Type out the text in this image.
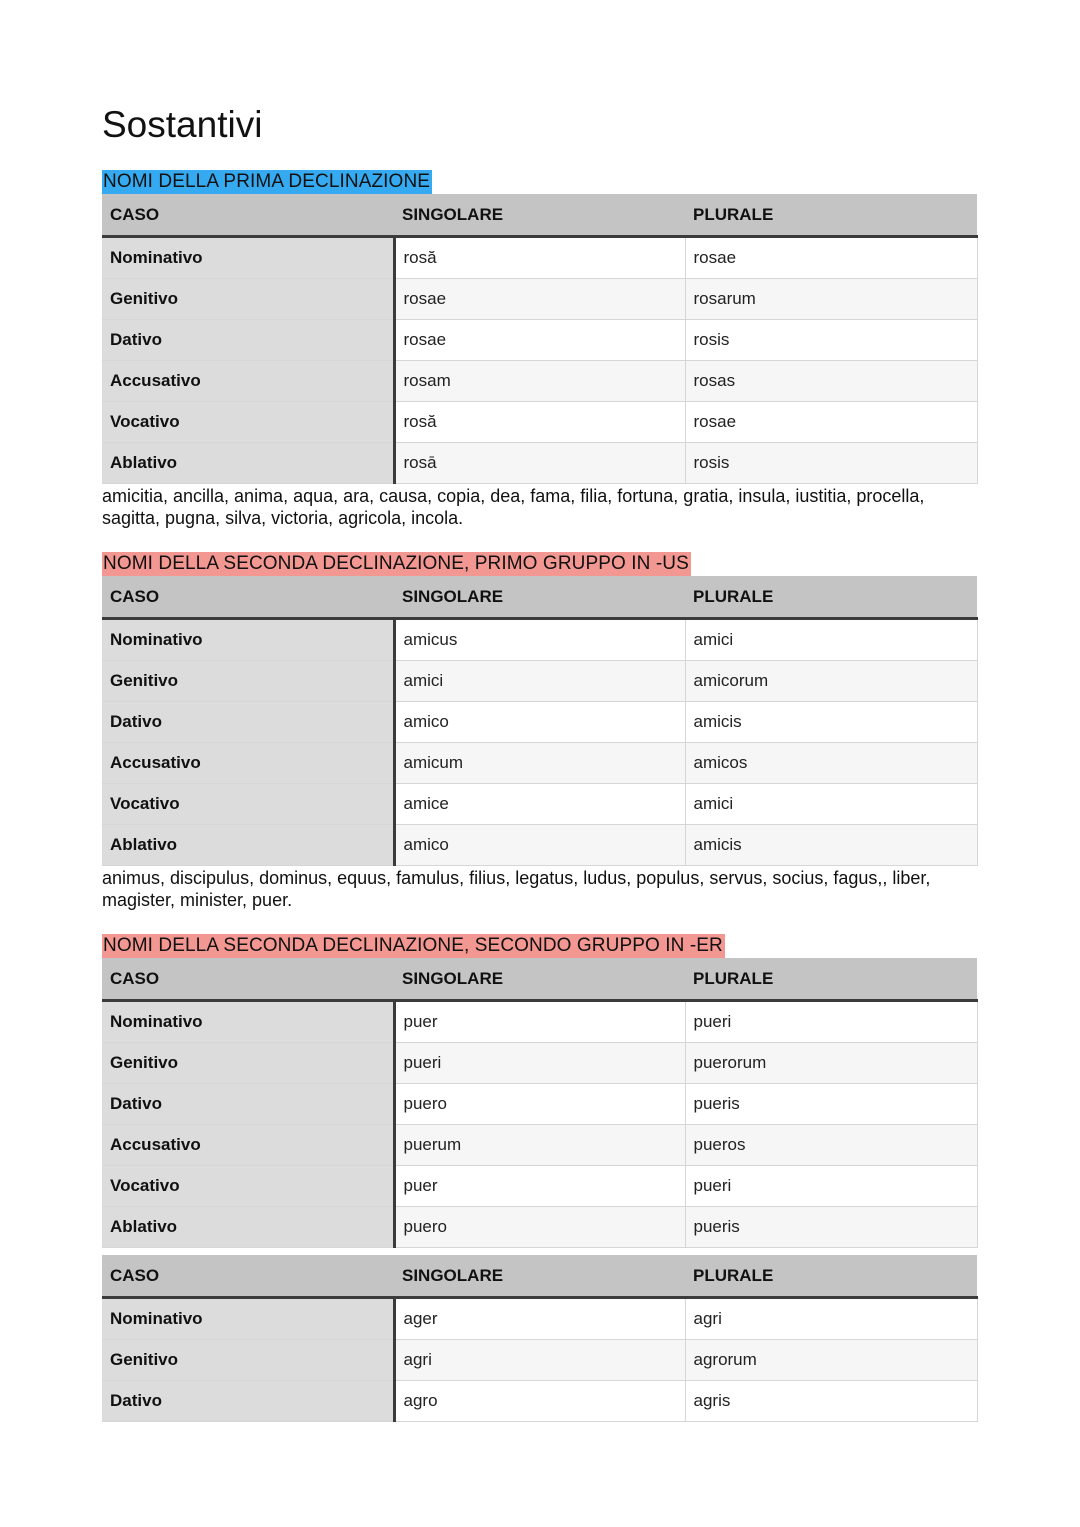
Sostantivi
NOMI DELLA PRIMA DECLINAZIONE
CASO	SINGOLARE	PLURALE
Nominativo	rosă	rosae
Genitivo	rosae	rosarum
Dativo	rosae	rosis
Accusativo	rosam	rosas
Vocativo	rosă	rosae
Ablativo	rosā	rosis

amicitia, ancilla, anima, aqua, ara, causa, copia, dea, fama, filia, fortuna, gratia, insula, iustitia, procella, sagitta, pugna, silva, victoria, agricola, incola.

NOMI DELLA SECONDA DECLINAZIONE, PRIMO GRUPPO IN -US
CASO	SINGOLARE	PLURALE
Nominativo	amicus	amici
Genitivo	amici	amicorum
Dativo	amico	amicis
Accusativo	amicum	amicos
Vocativo	amice	amici
Ablativo	amico	amicis

animus, discipulus, dominus, equus, famulus, filius, legatus, ludus, populus, servus, socius, fagus,, liber, magister, minister, puer.

NOMI DELLA SECONDA DECLINAZIONE, SECONDO GRUPPO IN -ER
CASO	SINGOLARE	PLURALE
Nominativo	puer	pueri
Genitivo	pueri	puerorum
Dativo	puero	pueris
Accusativo	puerum	pueros
Vocativo	puer	pueri
Ablativo	puero	pueris
CASO	SINGOLARE	PLURALE
Nominativo	ager	agri
Genitivo	agri	agrorum
Dativo	agro	agris
